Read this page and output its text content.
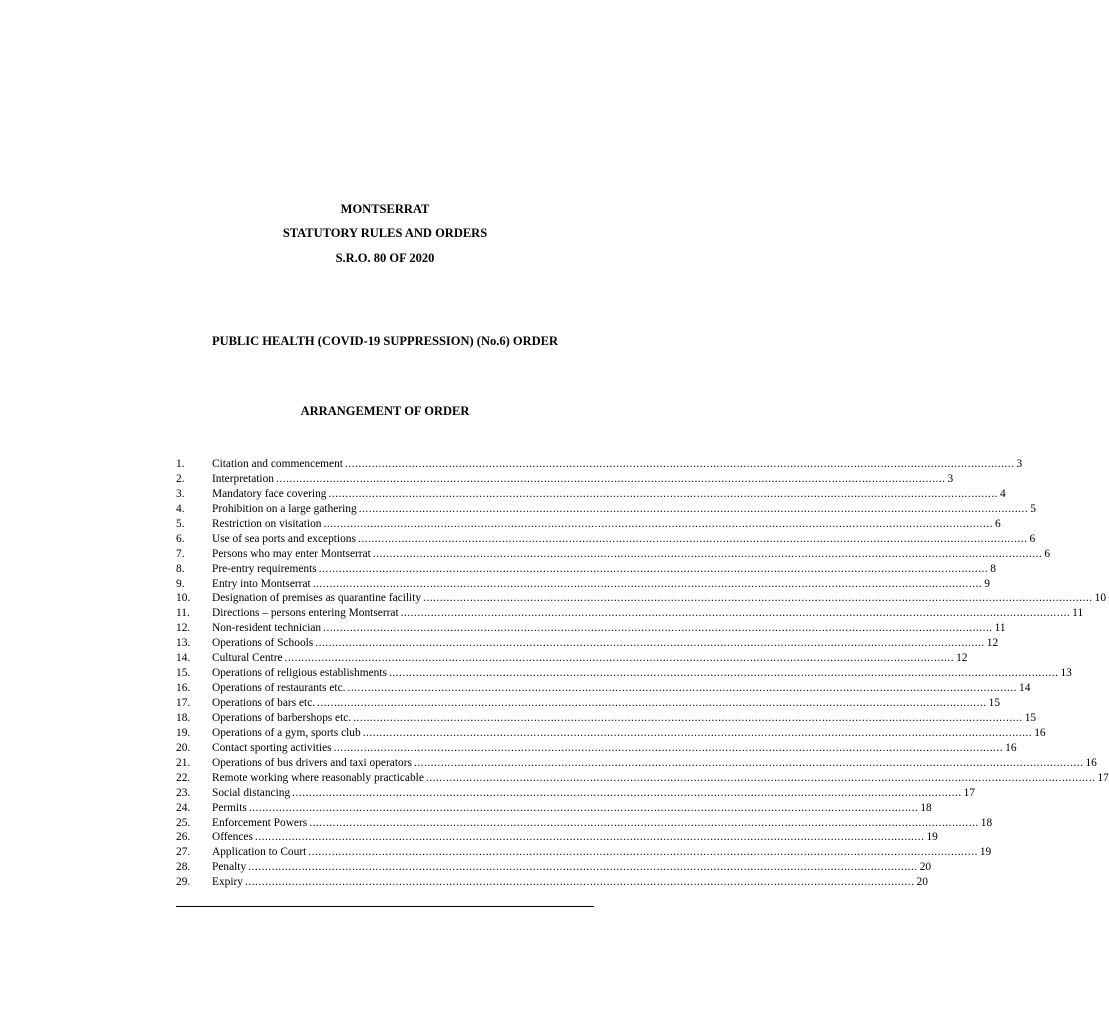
MONTSERRAT
STATUTORY RULES AND ORDERS
S.R.O. 80 OF 2020
PUBLIC HEALTH (COVID-19 SUPPRESSION) (No.6) ORDER
ARRANGEMENT OF ORDER
1.	Citation and commencement ........................................................................................................................................................................................................ 3
2.	Interpretation ........................................................................................................................................................................................................ 3
3.	Mandatory face covering ........................................................................................................................................................................................................ 4
4.	Prohibition on a large gathering ........................................................................................................................................................................................................ 5
5.	Restriction on visitation ........................................................................................................................................................................................................ 6
6.	Use of sea ports and exceptions ........................................................................................................................................................................................................ 6
7.	Persons who may enter Montserrat ........................................................................................................................................................................................................ 6
8.	Pre-entry requirements ........................................................................................................................................................................................................ 8
9.	Entry into Montserrat ........................................................................................................................................................................................................ 9
10.	Designation of premises as quarantine facility ........................................................................................................................................................................................................ 10
11.	Directions – persons entering Montserrat ........................................................................................................................................................................................................ 11
12.	Non-resident technician ........................................................................................................................................................................................................ 11
13.	Operations of Schools ........................................................................................................................................................................................................ 12
14.	Cultural Centre ........................................................................................................................................................................................................ 12
15.	Operations of religious establishments ........................................................................................................................................................................................................ 13
16.	Operations of restaurants etc. ........................................................................................................................................................................................................ 14
17.	Operations of bars etc. ........................................................................................................................................................................................................ 15
18.	Operations of barbershops etc. ........................................................................................................................................................................................................ 15
19.	Operations of a gym, sports club ........................................................................................................................................................................................................ 16
20.	Contact sporting activities ........................................................................................................................................................................................................ 16
21.	Operations of bus drivers and taxi operators ........................................................................................................................................................................................................ 16
22.	Remote working where reasonably practicable ........................................................................................................................................................................................................ 17
23.	Social distancing ........................................................................................................................................................................................................ 17
24.	Permits ........................................................................................................................................................................................................ 18
25.	Enforcement Powers ........................................................................................................................................................................................................ 18
26.	Offences ........................................................................................................................................................................................................ 19
27.	Application to Court ........................................................................................................................................................................................................ 19
28.	Penalty ........................................................................................................................................................................................................ 20
29.	Expiry ........................................................................................................................................................................................................ 20
